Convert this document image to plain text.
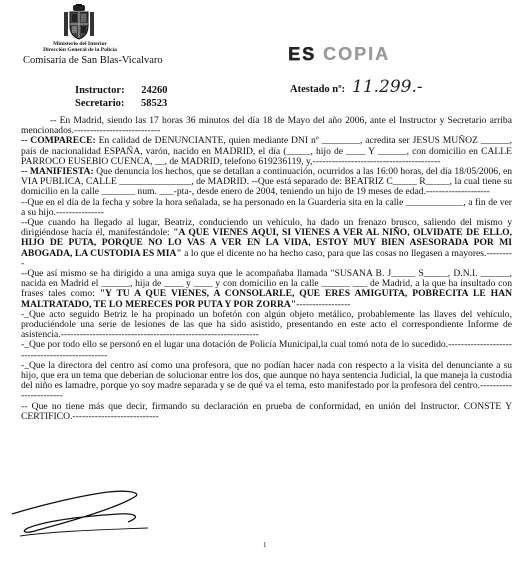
Ministerio del Interior
Dirección General de la Policía
Comisaría de San Blas-Vicalvaro	ES COPIA
Instructor: 24260
Secretario: 58523
Atestado nº: 11.299.-

-- En Madrid, siendo las 17 horas 36 minutos del día 18 de Mayo del año 2006, ante el Instructor y Secretario arriba mencionados.---------------------------

-- COMPARECE: En calidad de DENUNCIANTE, quien mediante DNI nº ________, acredita ser JESUS MUÑOZ ______, país de nacionalidad ESPAÑA, varón, nacido en MADRID, el día (_____, hijo de ____ Y ______, con domicilio en CALLE PARROCO EUSEBIO CUENCA, __, de MADRID, telefono 619236119, y,----------------------------------------

-- MANIFIESTA: Que denuncia los hechos, que se detallan a continuación, ocurridos a las 16:00 horas, del día 18/05/2006, en VIA PUBLICA, CALLE _______________, de MADRID. --Que está separado de: BEATRIZ C_____ R_____, la cual tiene su domicilio en la calle _______ num. ___-pta-, desde enero de 2004, teniendo un hijo de 19 meses de edad.--------------------

--Que en el día de la fecha y sobre la hora señalada, se ha personado en la Guardería sita en la calle ____________, a fin de ver a su hijo.---------------

--Que cuando ha llegado al lugar, Beatriz, conduciendo un vehículo, ha dado un frenazo brusco, saliendo del mismo y dirigiéndose hacía él, manifestándole: "A QUE VIENES AQUI, SI VIENES A VER AL NIÑO, OLVIDATE DE ELLO, HIJO DE PUTA, PORQUE NO LO VAS A VER EN LA VIDA, ESTOY MUY BIEN ASESORADA POR MI ABOGADA, LA CUSTODIA ES MIA" a lo que el dicente no ha hecho caso, para que las cosas no llegasen a mayores.---------

--Que así mismo se ha dirigido a una amiga suya que le acompañaba llamada "SUSANA B. J_____ S_____, D.N.I. ______, nacida en Madrid el ______, hija de ____ y ____ y con domicilio en la calle ______ ___ de Madrid, a la que ha insultado con frases tales como: "Y TU A QUE VIENES, A CONSOLARLE, QUE ERES AMIGUITA, POBRECITA LE HAN MALTRATADO, TE LO MERECES POR PUTA Y POR ZORRA"-----------------

-_Que acto seguido Betriz le ha propinado un bofetón con algún objeto metálico, probablemente las llaves del vehículo, produciéndole una serie de lesiones de las que ha sido asistido, presentando en este acto el correspondiente Informe de asistencia.--------------------------------------------------------------

-_Que por todo ello se personó en el lugar una dotación de Policía Municipal,la cual tomó nota de lo sucedido.-----------------------------------------------

-_Que la directora del centro así como una profesora, que no podían hacer nada con respecto a la visita del denunciante a su hijo, que era un tema que deberían de solucionar entre los dos, que aunque no haya sentencia Judicial, la que maneja la custodia del niño es lamadre, porque yo soy madre separada y se de qué va el tema, esto manifestado por la profesora del centro.-----------------------

-- Que no tiene más que decir, firmando su declaración en prueba de conformidad, en unión del Instructor. CONSTE Y CERTIFICO.---------------------------

1
